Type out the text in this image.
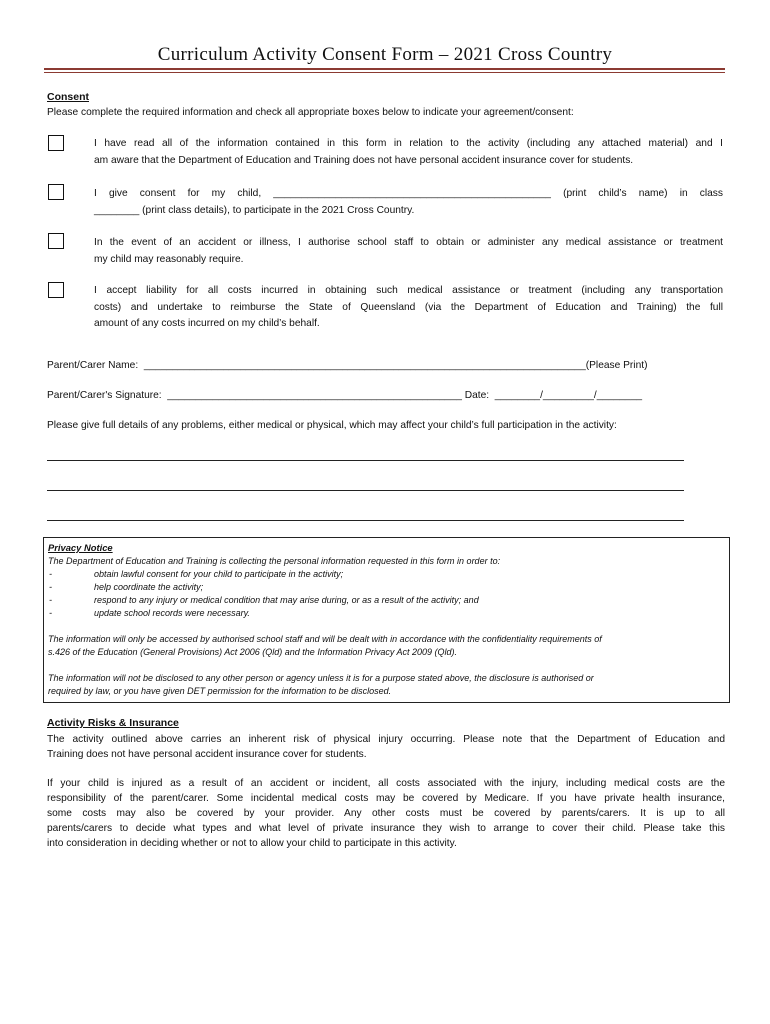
Curriculum Activity Consent Form – 2021 Cross Country
Consent
Please complete the required information and check all appropriate boxes below to indicate your agreement/consent:
I have read all of the information contained in this form in relation to the activity (including any attached material) and I
am aware that the Department of Education and Training does not have personal accident insurance cover for students.
I give consent for my child, _________________________________________________ (print child’s name) in class
________ (print class details), to participate in the 2021 Cross Country.
In the event of an accident or illness, I authorise school staff to obtain or administer any medical assistance or treatment
my child may reasonably require.
I accept liability for all costs incurred in obtaining such medical assistance or treatment (including any transportation
costs) and undertake to reimburse the State of Queensland (via the Department of Education and Training) the full
amount of any costs incurred on my child’s behalf.
Parent/Carer Name:  ______________________________________________________________________________(Please Print)
Parent/Carer's Signature:  ____________________________________________________ Date:  ________/_________/________
Please give full details of any problems, either medical or physical, which may affect your child’s full participation in the activity:
Privacy Notice
The Department of Education and Training is collecting the personal information requested in this form in order to:
-	obtain lawful consent for your child to participate in the activity;
-	help coordinate the activity;
-	respond to any injury or medical condition that may arise during, or as a result of the activity; and
-	update school records were necessary.
The information will only be accessed by authorised school staff and will be dealt with in accordance with the confidentiality requirements of
s.426 of the Education (General Provisions) Act 2006 (Qld) and the Information Privacy Act 2009 (Qld).
The information will not be disclosed to any other person or agency unless it is for a purpose stated above, the disclosure is authorised or
required by law, or you have given DET permission for the information to be disclosed.
Activity Risks & Insurance
The activity outlined above carries an inherent risk of physical injury occurring. Please note that the Department of Education and
Training does not have personal accident insurance cover for students.
If your child is injured as a result of an accident or incident, all costs associated with the injury, including medical costs are the
responsibility of the parent/carer. Some incidental medical costs may be covered by Medicare. If you have private health insurance,
some costs may also be covered by your provider. Any other costs must be covered by parents/carers. It is up to all
parents/carers to decide what types and what level of private insurance they wish to arrange to cover their child. Please take this
into consideration in deciding whether or not to allow your child to participate in this activity.
